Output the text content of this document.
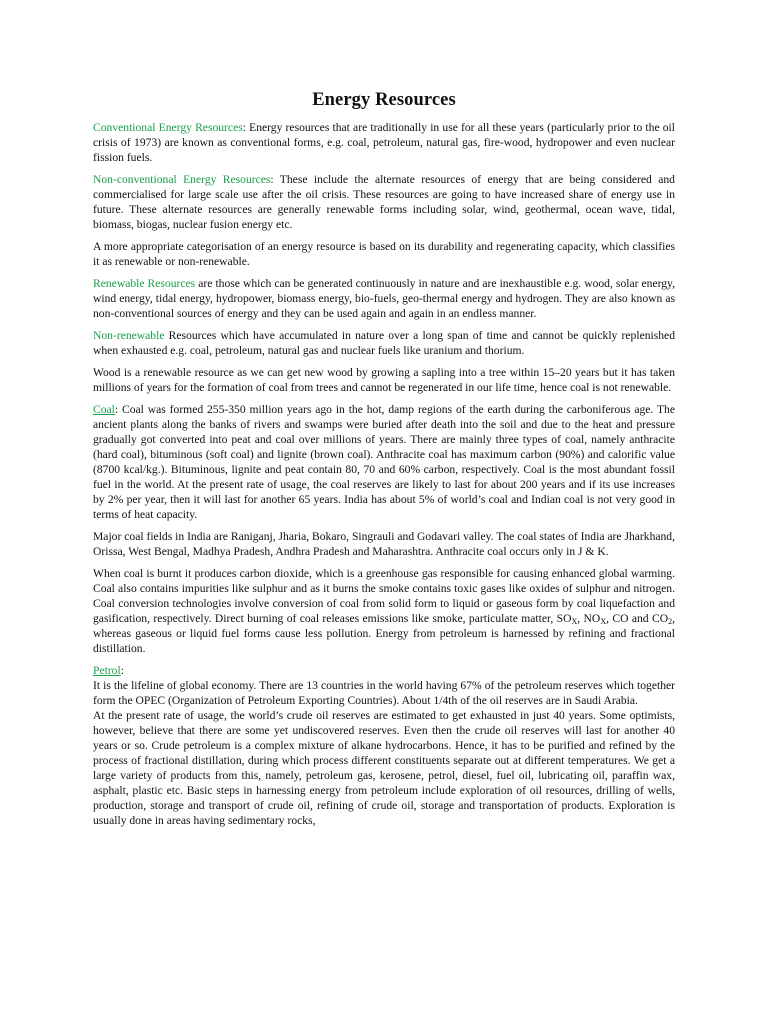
Energy Resources

Conventional Energy Resources: Energy resources that are traditionally in use for all these years (particularly prior to the oil crisis of 1973) are known as conventional forms, e.g. coal, petroleum, natural gas, fire-wood, hydropower and even nuclear fission fuels.

Non-conventional Energy Resources: These include the alternate resources of energy that are being considered and commercialised for large scale use after the oil crisis. These resources are going to have increased share of energy use in future. These alternate resources are generally renewable forms including solar, wind, geothermal, ocean wave, tidal, biomass, biogas, nuclear fusion energy etc.

A more appropriate categorisation of an energy resource is based on its durability and regenerating capacity, which classifies it as renewable or non-renewable.

Renewable Resources are those which can be generated continuously in nature and are inexhaustible e.g. wood, solar energy, wind energy, tidal energy, hydropower, biomass energy, bio-fuels, geo-thermal energy and hydrogen. They are also known as non-conventional sources of energy and they can be used again and again in an endless manner.

Non-renewable Resources which have accumulated in nature over a long span of time and cannot be quickly replenished when exhausted e.g. coal, petroleum, natural gas and nuclear fuels like uranium and thorium.

Wood is a renewable resource as we can get new wood by growing a sapling into a tree within 15–20 years but it has taken millions of years for the formation of coal from trees and cannot be regenerated in our life time, hence coal is not renewable.

Coal: Coal was formed 255-350 million years ago in the hot, damp regions of the earth during the carboniferous age. The ancient plants along the banks of rivers and swamps were buried after death into the soil and due to the heat and pressure gradually got converted into peat and coal over millions of years. There are mainly three types of coal, namely anthracite (hard coal), bituminous (soft coal) and lignite (brown coal). Anthracite coal has maximum carbon (90%) and calorific value (8700 kcal/kg.). Bituminous, lignite and peat contain 80, 70 and 60% carbon, respectively. Coal is the most abundant fossil fuel in the world. At the present rate of usage, the coal reserves are likely to last for about 200 years and if its use increases by 2% per year, then it will last for another 65 years. India has about 5% of world’s coal and Indian coal is not very good in terms of heat capacity.

Major coal fields in India are Raniganj, Jharia, Bokaro, Singrauli and Godavari valley. The coal states of India are Jharkhand, Orissa, West Bengal, Madhya Pradesh, Andhra Pradesh and Maharashtra. Anthracite coal occurs only in J & K.

When coal is burnt it produces carbon dioxide, which is a greenhouse gas responsible for causing enhanced global warming. Coal also contains impurities like sulphur and as it burns the smoke contains toxic gases like oxides of sulphur and nitrogen. Coal conversion technologies involve conversion of coal from solid form to liquid or gaseous form by coal liquefaction and gasification, respectively. Direct burning of coal releases emissions like smoke, particulate matter, $SO_X$, $NO_X$, CO and $CO_2$, whereas gaseous or liquid fuel forms cause less pollution. Energy from petroleum is harnessed by refining and fractional distillation.

Petrol:

It is the lifeline of global economy. There are 13 countries in the world having 67% of the petroleum reserves which together form the OPEC (Organization of Petroleum Exporting Countries). About 1/4th of the oil reserves are in Saudi Arabia.

At the present rate of usage, the world’s crude oil reserves are estimated to get exhausted in just 40 years. Some optimists, however, believe that there are some yet undiscovered reserves. Even then the crude oil reserves will last for another 40 years or so. Crude petroleum is a complex mixture of alkane hydrocarbons. Hence, it has to be purified and refined by the process of fractional distillation, during which process different constituents separate out at different temperatures. We get a large variety of products from this, namely, petroleum gas, kerosene, petrol, diesel, fuel oil, lubricating oil, paraffin wax, asphalt, plastic etc. Basic steps in harnessing energy from petroleum include exploration of oil resources, drilling of wells, production, storage and transport of crude oil, refining of crude oil, storage and transportation of products. Exploration is usually done in areas having sedimentary rocks,
